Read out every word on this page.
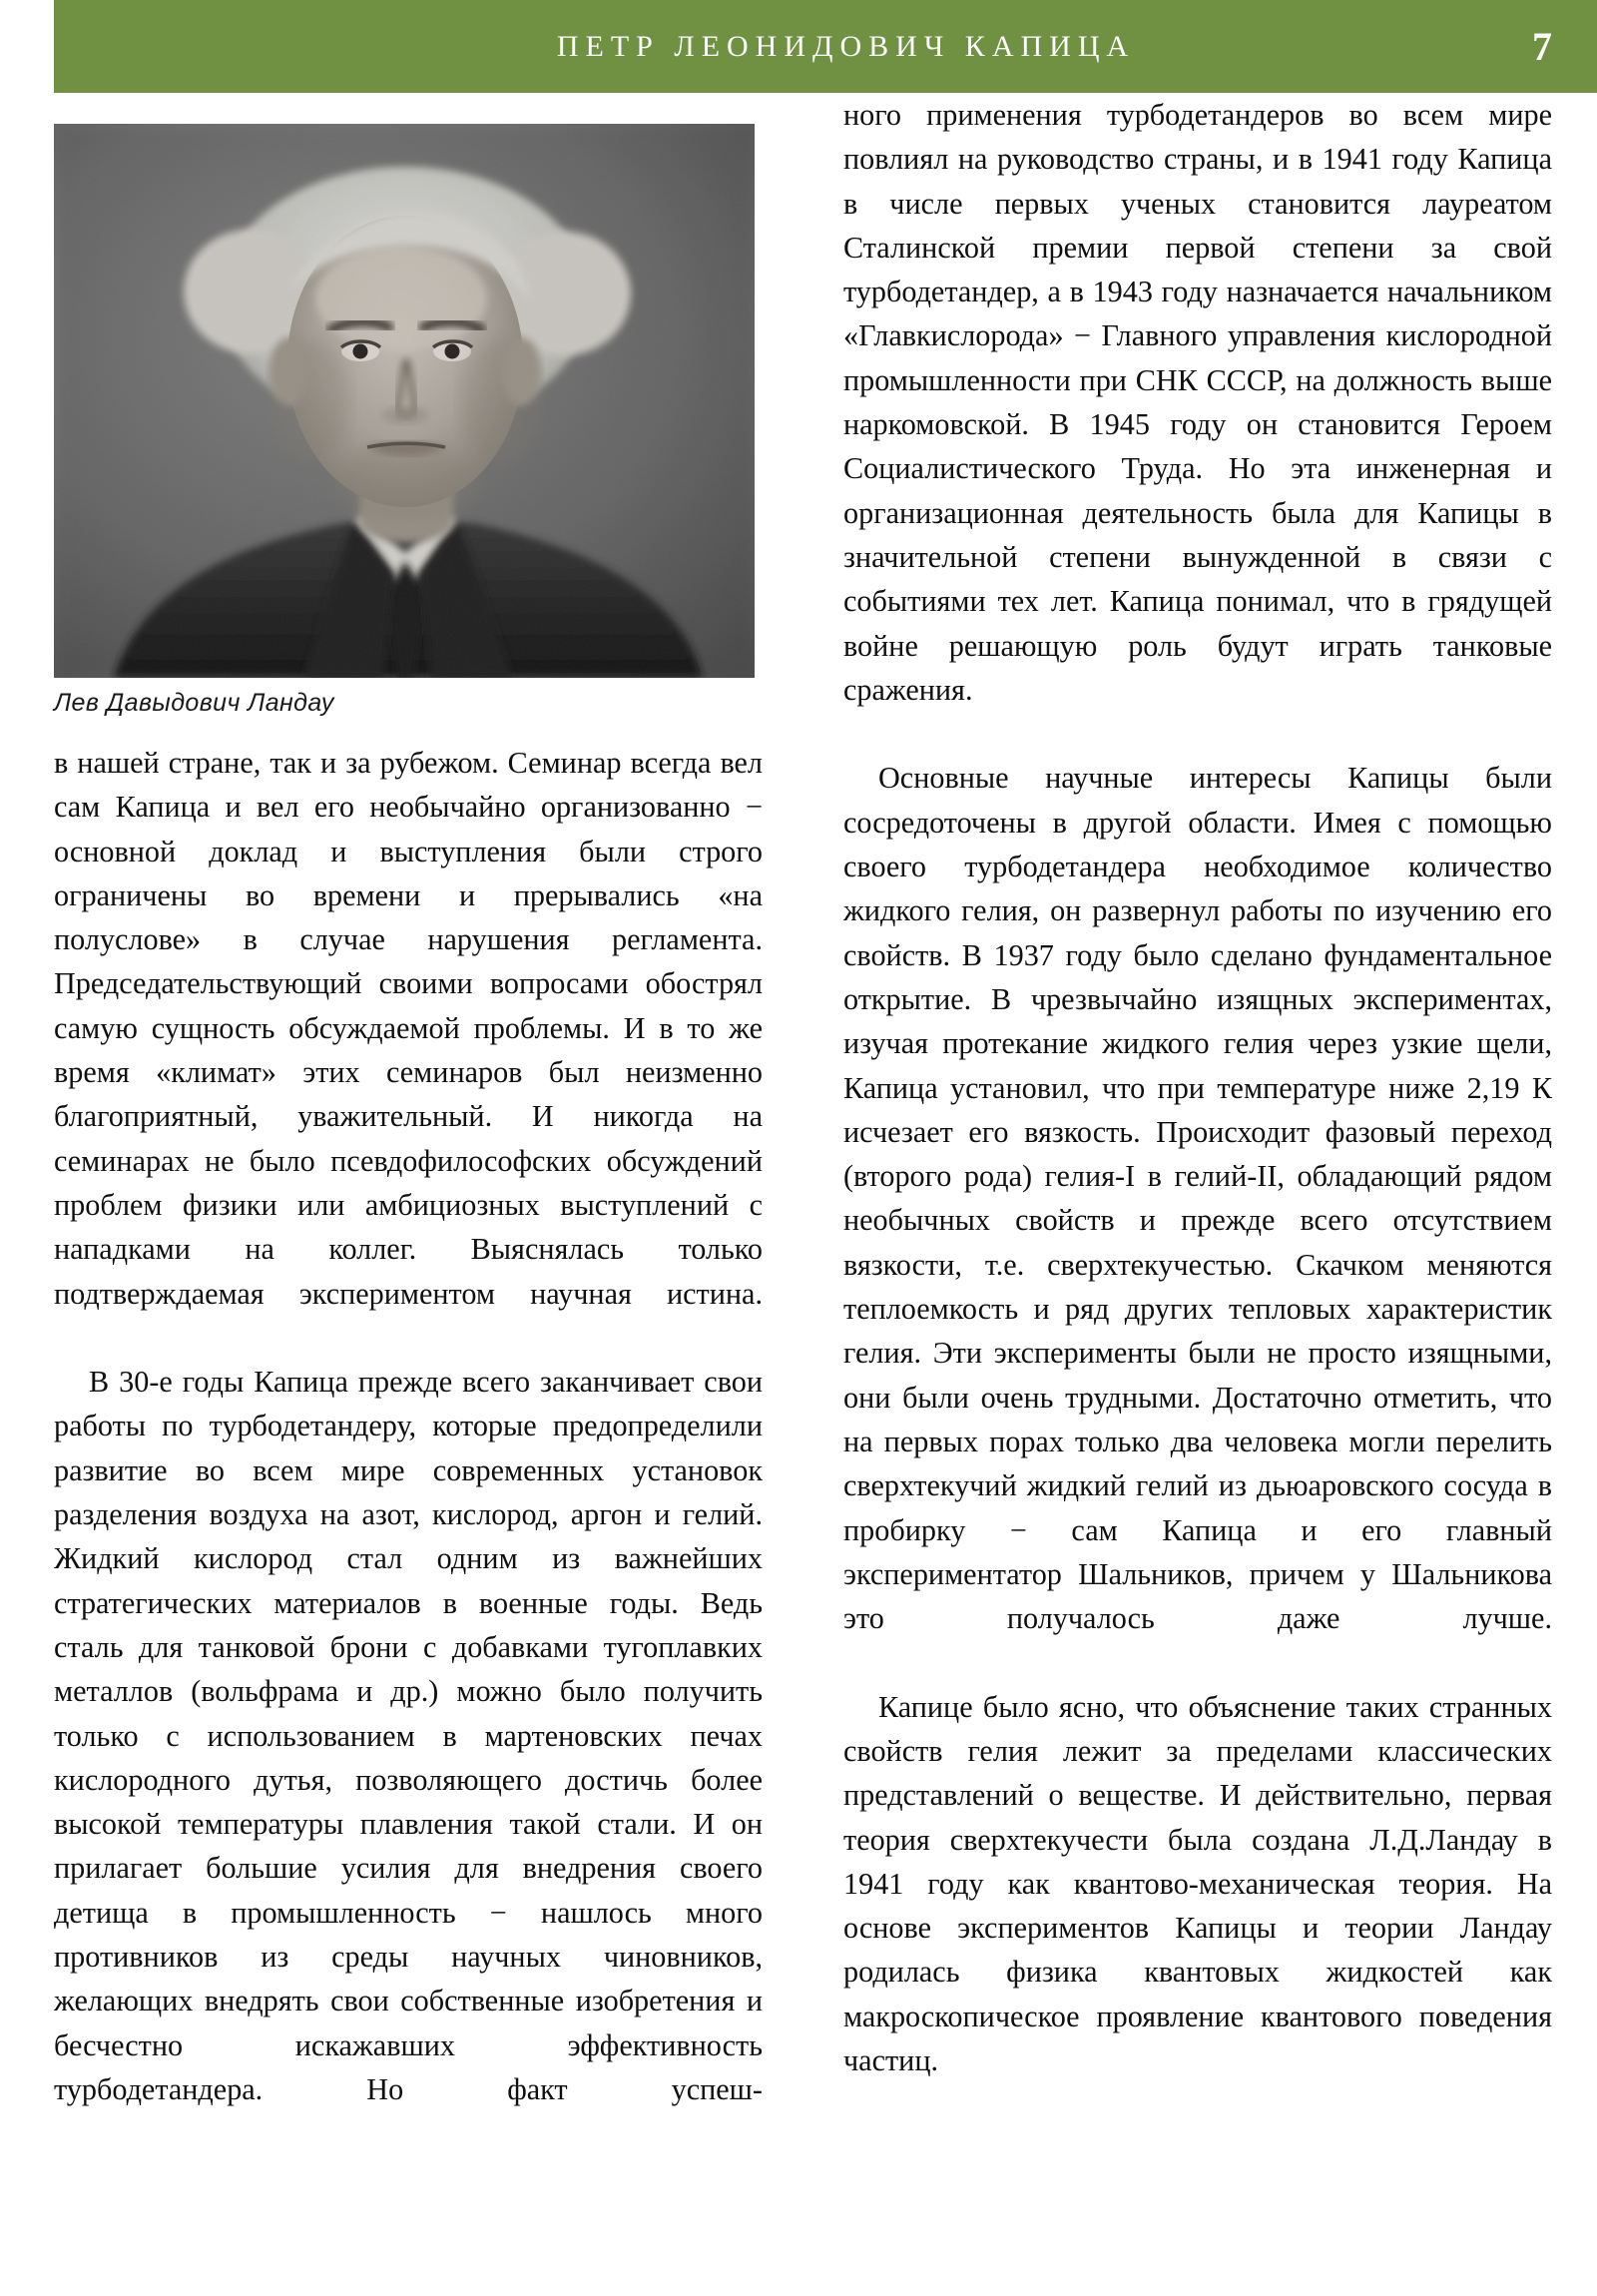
ПЕТР ЛЕОНИДОВИЧ КАПИЦА	7
Лев Давыдович Ландау

в нашей стране, так и за рубежом. Семинар всегда вел сам Капица и вел его необычайно организованно − основной доклад и выступления были строго ограничены во времени и прерывались «на полуслове» в случае нарушения регламента. Председательствующий своими вопросами обострял самую сущность обсуждаемой проблемы. И в то же время «климат» этих семинаров был неизменно благоприятный, уважительный. И никогда на семинарах не было псевдофилософских обсуждений проблем физики или амбициозных выступлений с нападками на коллег. Выяснялась только подтверждаемая экспериментом научная истина.

В 30-е годы Капица прежде всего заканчивает свои работы по турбодетандеру, которые предопределили развитие во всем мире современных установок разделения воздуха на азот, кислород, аргон и гелий. Жидкий кислород стал одним из важнейших стратегических материалов в военные годы. Ведь сталь для танковой брони с добавками тугоплавких металлов (вольфрама и др.) можно было получить только с использованием в мартеновских печах кислородного дутья, позволяющего достичь более высокой температуры плавления такой стали. И он прилагает большие усилия для внедрения своего детища в промышленность − нашлось много противников из среды научных чиновников, желающих внедрять свои собственные изобретения и бесчестно искажавших эффективность турбодетандера. Но факт успеш-

ного применения турбодетандеров во всем мире повлиял на руководство страны, и в 1941 году Капица в числе первых ученых становится лауреатом Сталинской премии первой степени за свой турбодетандер, а в 1943 году назначается начальником «Главкислорода» − Главного управления кислородной промышленности при СНК СССР, на должность выше наркомовской. В 1945 году он становится Героем Социалистического Труда. Но эта инженерная и организационная деятельность была для Капицы в значительной степени вынужденной в связи с событиями тех лет. Капица понимал, что в грядущей войне решающую роль будут играть танковые сражения.

Основные научные интересы Капицы были сосредоточены в другой области. Имея с помощью своего турбодетандера необходимое количество жидкого гелия, он развернул работы по изучению его свойств. В 1937 году было сделано фундаментальное открытие. В чрезвычайно изящных экспериментах, изучая протекание жидкого гелия через узкие щели, Капица установил, что при температуре ниже 2,19 К исчезает его вязкость. Происходит фазовый переход (второго рода) гелия-I в гелий-II, обладающий рядом необычных свойств и прежде всего отсутствием вязкости, т.е. сверхтекучестью. Скачком меняются теплоемкость и ряд других тепловых характеристик гелия. Эти эксперименты были не просто изящными, они были очень трудными. Достаточно отметить, что на первых порах только два человека могли перелить сверхтекучий жидкий гелий из дьюаровского сосуда в пробирку − сам Капица и его главный экспериментатор Шальников, причем у Шальникова это получалось даже лучше.

Капице было ясно, что объяснение таких странных свойств гелия лежит за пределами классических представлений о веществе. И действительно, первая теория сверхтекучести была создана Л.Д.Ландау в 1941 году как квантово-механическая теория. На основе экспериментов Капицы и теории Ландау родилась физика квантовых жидкостей как макроскопическое проявление квантового поведения частиц.
